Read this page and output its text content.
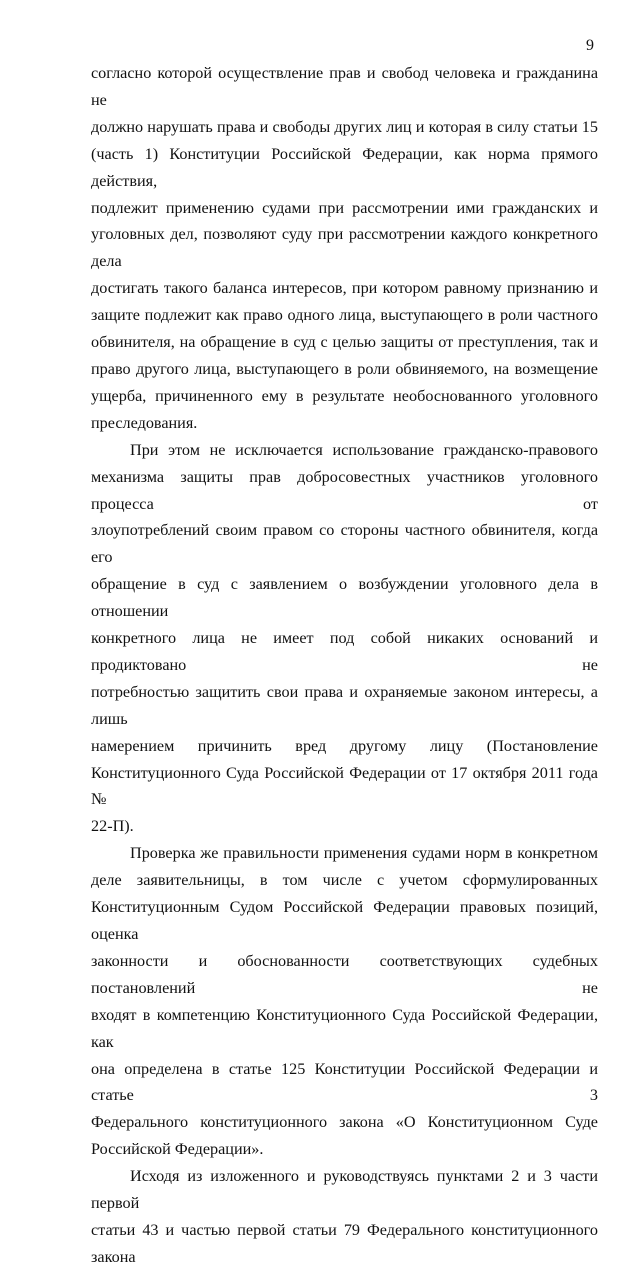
9
согласно которой осуществление прав и свобод человека и гражданина не
должно нарушать права и свободы других лиц и которая в силу статьи 15
(часть 1) Конституции Российской Федерации, как норма прямого действия,
подлежит применению судами при рассмотрении ими гражданских и
уголовных дел, позволяют суду при рассмотрении каждого конкретного дела
достигать такого баланса интересов, при котором равному признанию и
защите подлежит как право одного лица, выступающего в роли частного
обвинителя, на обращение в суд с целью защиты от преступления, так и
право другого лица, выступающего в роли обвиняемого, на возмещение
ущерба, причиненного ему в результате необоснованного уголовного
преследования.
При этом не исключается использование гражданско-правового
механизма защиты прав добросовестных участников уголовного процесса от
злоупотреблений своим правом со стороны частного обвинителя, когда его
обращение в суд с заявлением о возбуждении уголовного дела в отношении
конкретного лица не имеет под собой никаких оснований и продиктовано не
потребностью защитить свои права и охраняемые законом интересы, а лишь
намерением причинить вред другому лицу (Постановление
Конституционного Суда Российской Федерации от 17 октября 2011 года №
22-П).
Проверка же правильности применения судами норм в конкретном
деле заявительницы, в том числе с учетом сформулированных
Конституционным Судом Российской Федерации правовых позиций, оценка
законности и обоснованности соответствующих судебных постановлений не
входят в компетенцию Конституционного Суда Российской Федерации, как
она определена в статье 125 Конституции Российской Федерации и статье 3
Федерального конституционного закона «О Конституционном Суде
Российской Федерации».
Исходя из изложенного и руководствуясь пунктами 2 и 3 части первой
статьи 43 и частью первой статьи 79 Федерального конституционного закона
